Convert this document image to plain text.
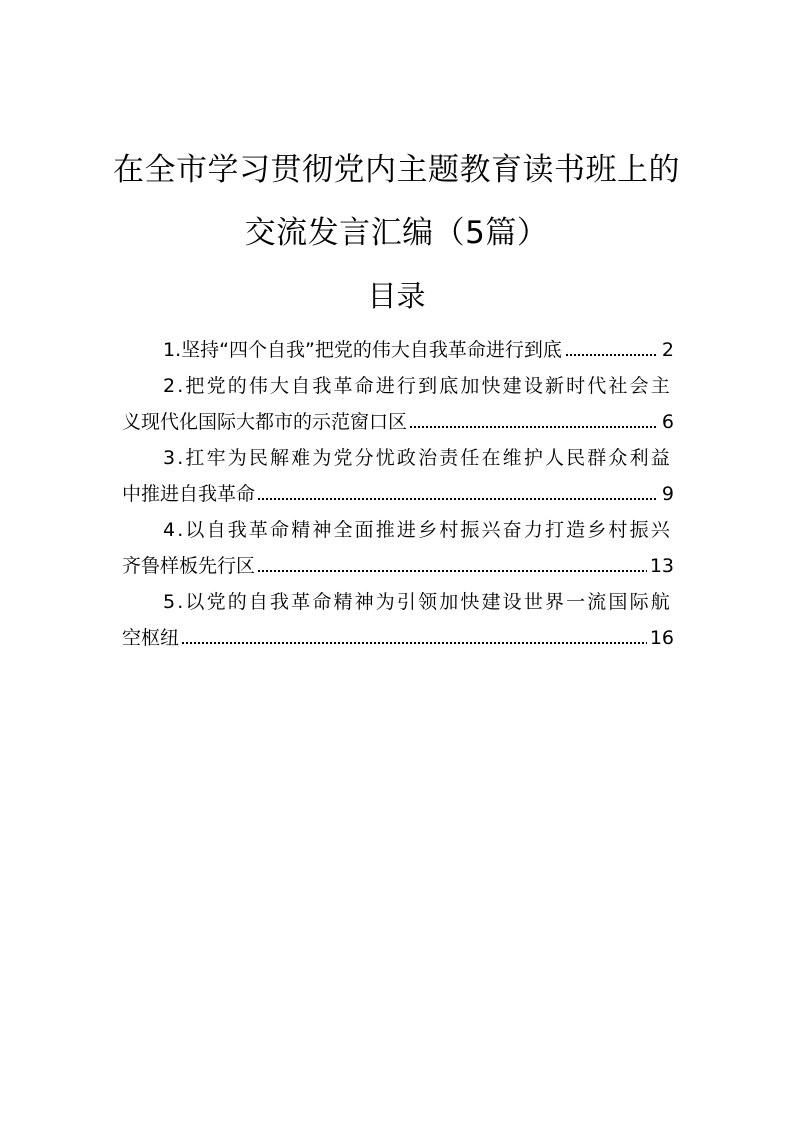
在全市学习贯彻党内主题教育读书班上的
交流发言汇编（5篇）
目录
1.坚持“四个自我”把党的伟大自我革命进行到底	2
2.把党的伟大自我革命进行到底加快建设新时代社会主
义现代化国际大都市的示范窗口区	6
3.扛牢为民解难为党分忧政治责任在维护人民群众利益
中推进自我革命	9
4.以自我革命精神全面推进乡村振兴奋力打造乡村振兴
齐鲁样板先行区	13
5.以党的自我革命精神为引领加快建设世界一流国际航
空枢纽	16
